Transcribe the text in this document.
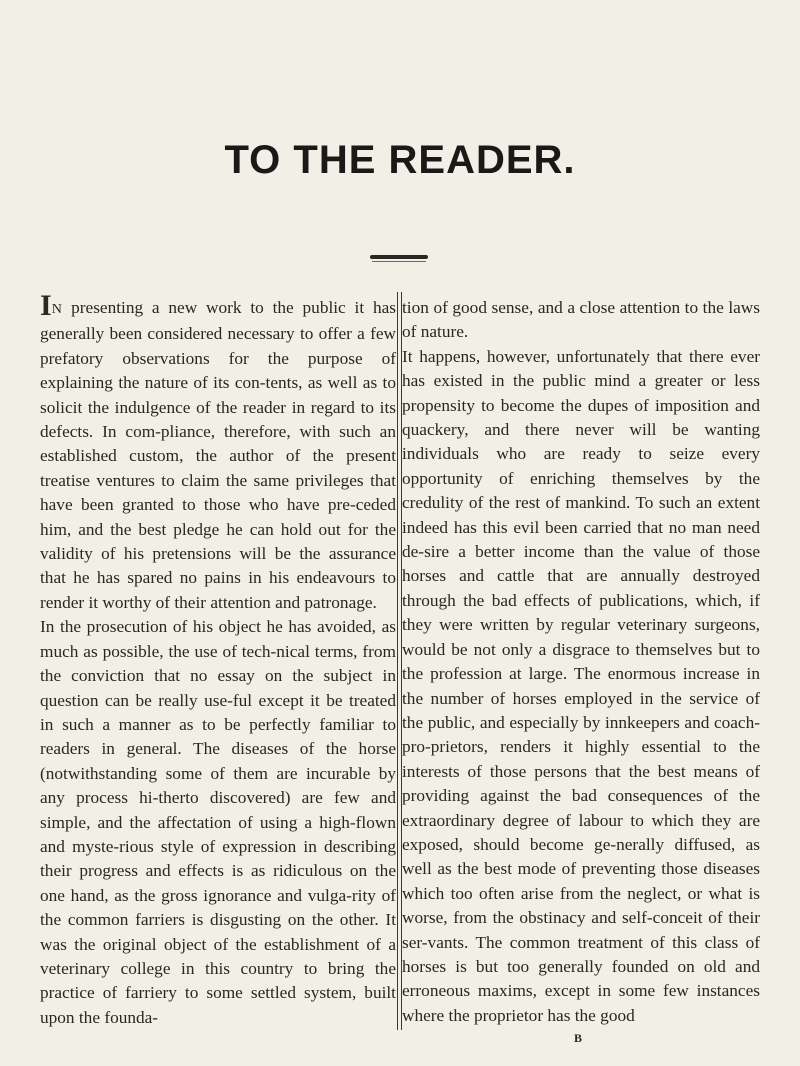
TO THE READER.

IN presenting a new work to the public it has generally been considered necessary to offer a few prefatory observations for the purpose of explaining the nature of its con-tents, as well as to solicit the indulgence of the reader in regard to its defects. In com-pliance, therefore, with such an established custom, the author of the present treatise ventures to claim the same privileges that have been granted to those who have pre-ceded him, and the best pledge he can hold out for the validity of his pretensions will be the assurance that he has spared no pains in his endeavours to render it worthy of their attention and patronage.

In the prosecution of his object he has avoided, as much as possible, the use of tech-nical terms, from the conviction that no essay on the subject in question can be really use-ful except it be treated in such a manner as to be perfectly familiar to readers in general. The diseases of the horse (notwithstanding some of them are incurable by any process hi-therto discovered) are few and simple, and the affectation of using a high-flown and myste-rious style of expression in describing their progress and effects is as ridiculous on the one hand, as the gross ignorance and vulga-rity of the common farriers is disgusting on the other. It was the original object of the establishment of a veterinary college in this country to bring the practice of farriery to some settled system, built upon the founda-

tion of good sense, and a close attention to the laws of nature.

It happens, however, unfortunately that there ever has existed in the public mind a greater or less propensity to become the dupes of imposition and quackery, and there never will be wanting individuals who are ready to seize every opportunity of enriching themselves by the credulity of the rest of mankind. To such an extent indeed has this evil been carried that no man need de-sire a better income than the value of those horses and cattle that are annually destroyed through the bad effects of publications, which, if they were written by regular veterinary surgeons, would be not only a disgrace to themselves but to the profession at large. The enormous increase in the number of horses employed in the service of the public, and especially by innkeepers and coach-pro-prietors, renders it highly essential to the interests of those persons that the best means of providing against the bad consequences of the extraordinary degree of labour to which they are exposed, should become ge-nerally diffused, as well as the best mode of preventing those diseases which too often arise from the neglect, or what is worse, from the obstinacy and self-conceit of their ser-vants. The common treatment of this class of horses is but too generally founded on old and erroneous maxims, except in some few instances where the proprietor has the good

B
